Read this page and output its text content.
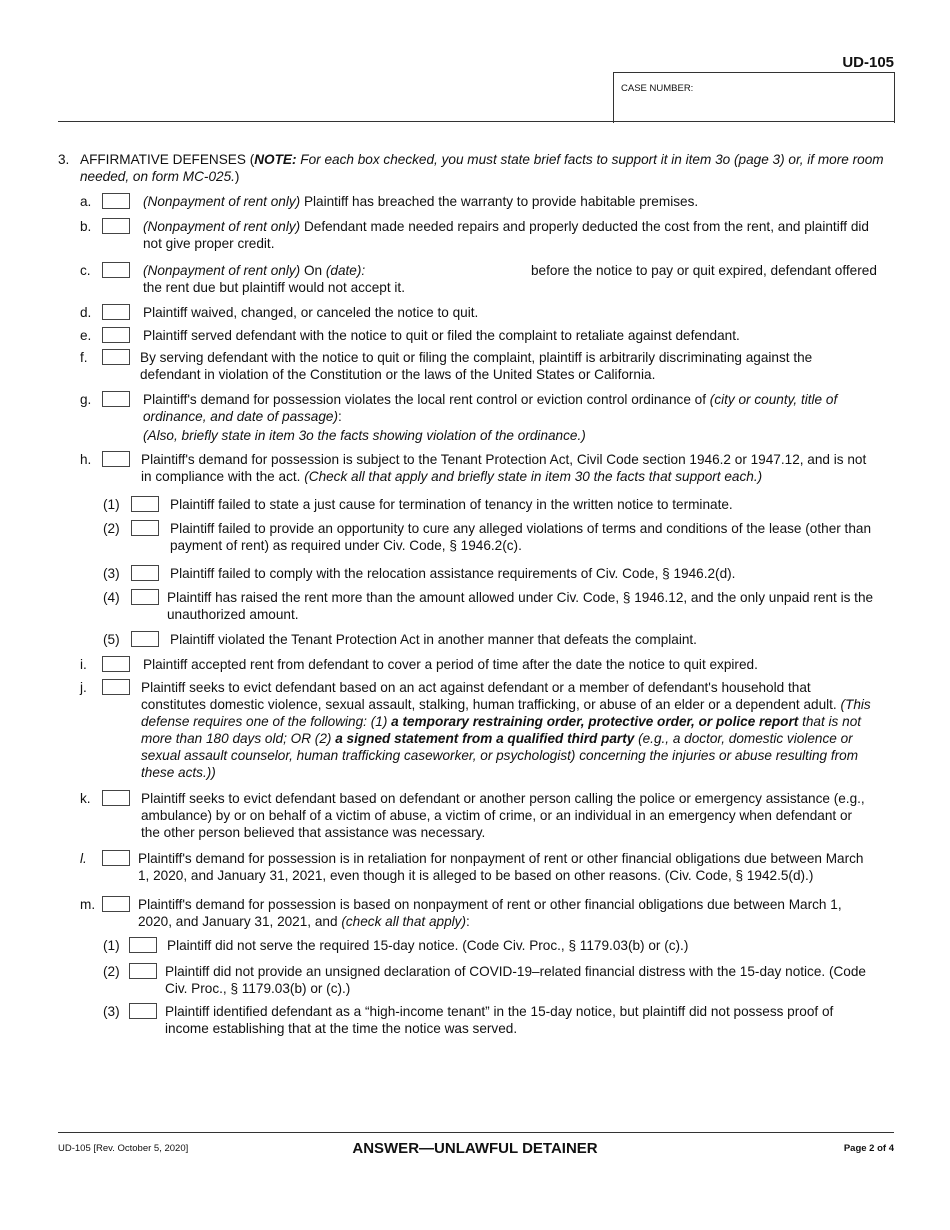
UD-105
CASE NUMBER:
3. AFFIRMATIVE DEFENSES (NOTE: For each box checked, you must state brief facts to support it in item 3o (page 3) or, if more room needed, on form MC-025.)
a.	(Nonpayment of rent only) Plaintiff has breached the warranty to provide habitable premises.
b.	(Nonpayment of rent only) Defendant made needed repairs and properly deducted the cost from the rent, and plaintiff did
not give proper credit.
c.	(Nonpayment of rent only) On (date):	before the notice to pay or quit expired, defendant offered
the rent due but plaintiff would not accept it.
d.	Plaintiff waived, changed, or canceled the notice to quit.
e.	Plaintiff served defendant with the notice to quit or filed the complaint to retaliate against defendant.
f.	By serving defendant with the notice to quit or filing the complaint, plaintiff is arbitrarily discriminating against the
defendant in violation of the Constitution or the laws of the United States or California.
g.	Plaintiff's demand for possession violates the local rent control or eviction control ordinance of (city or county, title of
ordinance, and date of passage):
(Also, briefly state in item 3o the facts showing violation of the ordinance.)
h.	Plaintiff's demand for possession is subject to the Tenant Protection Act, Civil Code section 1946.2 or 1947.12, and is not
in compliance with the act. (Check all that apply and briefly state in item 30 the facts that support each.)
(1)	Plaintiff failed to state a just cause for termination of tenancy in the written notice to terminate.
(2)	Plaintiff failed to provide an opportunity to cure any alleged violations of terms and conditions of the lease (other than
payment of rent) as required under Civ. Code, § 1946.2(c).
(3)	Plaintiff failed to comply with the relocation assistance requirements of Civ. Code, § 1946.2(d).
(4)	Plaintiff has raised the rent more than the amount allowed under Civ. Code, § 1946.12, and the only unpaid rent is the
unauthorized amount.
(5)	Plaintiff violated the Tenant Protection Act in another manner that defeats the complaint.
i.	Plaintiff accepted rent from defendant to cover a period of time after the date the notice to quit expired.
j.	Plaintiff seeks to evict defendant based on an act against defendant or a member of defendant's household that
constitutes domestic violence, sexual assault, stalking, human trafficking, or abuse of an elder or a dependent adult. (This
defense requires one of the following: (1) a temporary restraining order, protective order, or police report that is not
more than 180 days old; OR (2) a signed statement from a qualified third party (e.g., a doctor, domestic violence or
sexual assault counselor, human trafficking caseworker, or psychologist) concerning the injuries or abuse resulting from
these acts.))
k.	Plaintiff seeks to evict defendant based on defendant or another person calling the police or emergency assistance (e.g.,
ambulance) by or on behalf of a victim of abuse, a victim of crime, or an individual in an emergency when defendant or
the other person believed that assistance was necessary.
l.	Plaintiff's demand for possession is in retaliation for nonpayment of rent or other financial obligations due between March
1, 2020, and January 31, 2021, even though it is alleged to be based on other reasons. (Civ. Code, § 1942.5(d).)
m.	Plaintiff's demand for possession is based on nonpayment of rent or other financial obligations due between March 1,
2020, and January 31, 2021, and (check all that apply):
(1)	Plaintiff did not serve the required 15-day notice. (Code Civ. Proc., § 1179.03(b) or (c).)
(2)	Plaintiff did not provide an unsigned declaration of COVID-19–related financial distress with the 15-day notice. (Code
Civ. Proc., § 1179.03(b) or (c).)
(3)	Plaintiff identified defendant as a “high-income tenant” in the 15-day notice, but plaintiff did not possess proof of
income establishing that at the time the notice was served.
UD-105 [Rev. October 5, 2020]	ANSWER—UNLAWFUL DETAINER	Page 2 of 4
